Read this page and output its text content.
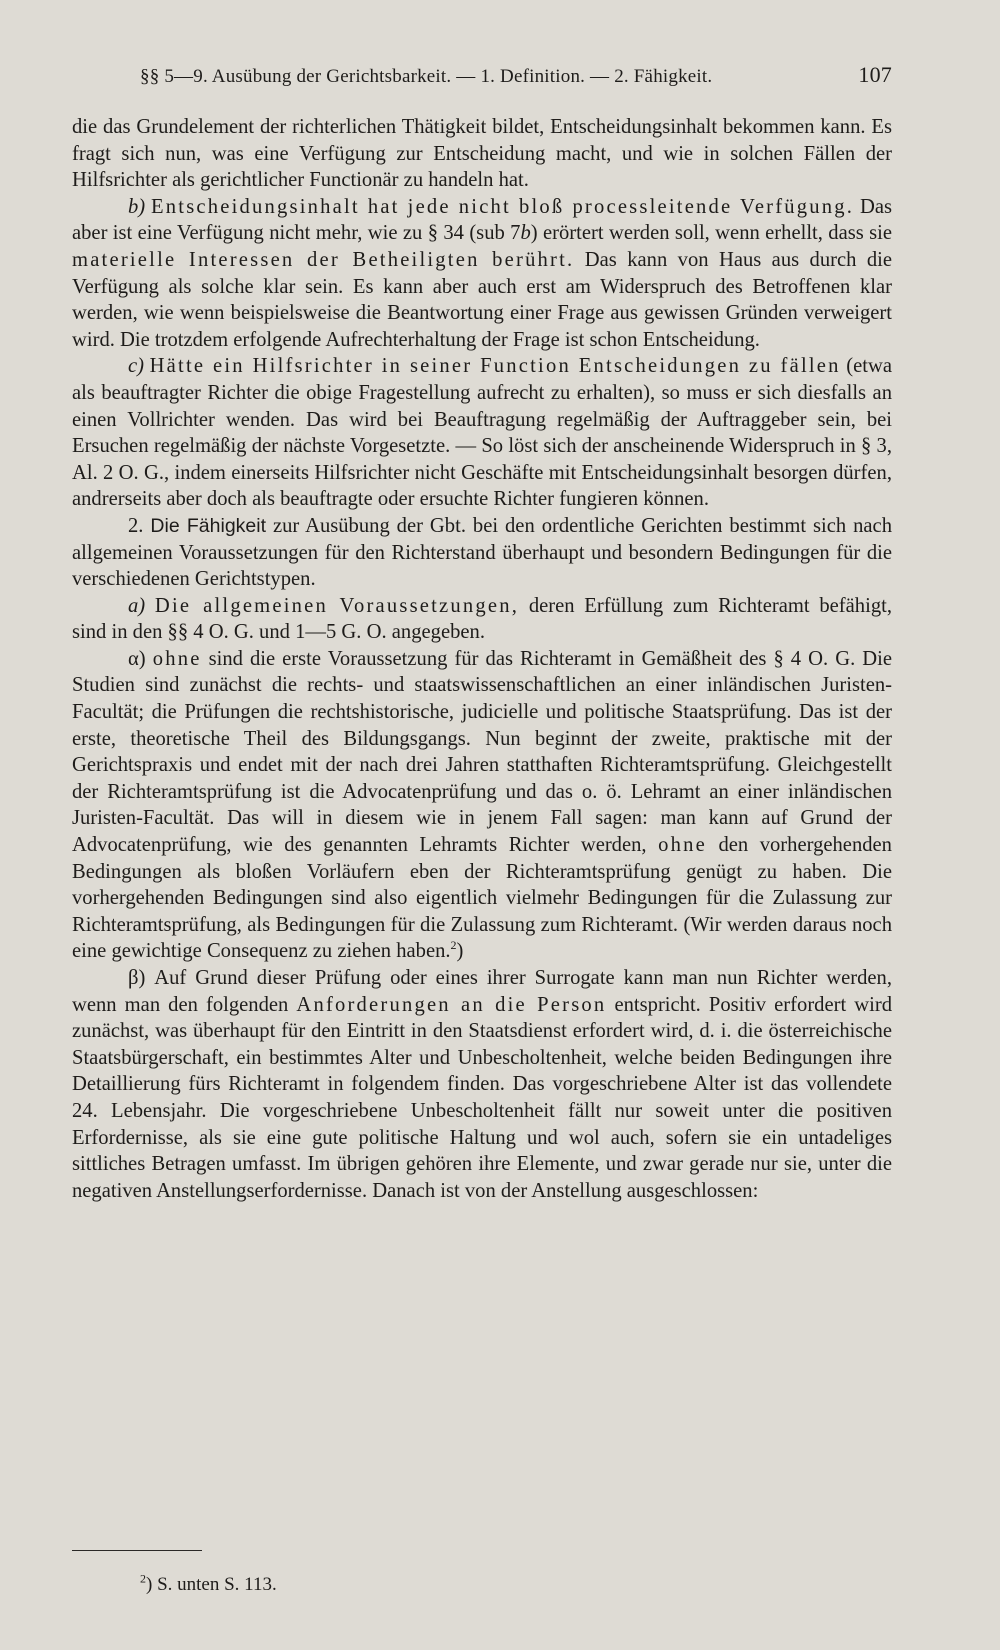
§§ 5—9. Ausübung der Gerichtsbarkeit. — 1. Definition. — 2. Fähigkeit.	107

die das Grundelement der richterlichen Thätigkeit bildet, Entscheidungsinhalt bekommen kann. Es fragt sich nun, was eine Verfügung zur Entscheidung macht, und wie in solchen Fällen der Hilfsrichter als gerichtlicher Functionär zu handeln hat.

b) Entscheidungsinhalt hat jede nicht bloß processleitende Verfügung. Das aber ist eine Verfügung nicht mehr, wie zu § 34 (sub 7b) erörtert werden soll, wenn erhellt, dass sie materielle Interessen der Betheiligten berührt. Das kann von Haus aus durch die Verfügung als solche klar sein. Es kann aber auch erst am Widerspruch des Betroffenen klar werden, wie wenn beispielsweise die Beantwortung einer Frage aus gewissen Gründen verweigert wird. Die trotzdem erfolgende Aufrechterhaltung der Frage ist schon Entscheidung.

c) Hätte ein Hilfsrichter in seiner Function Entscheidungen zu fällen (etwa als beauftragter Richter die obige Fragestellung aufrecht zu erhalten), so muss er sich diesfalls an einen Vollrichter wenden. Das wird bei Beauftragung regelmäßig der Auftraggeber sein, bei Ersuchen regelmäßig der nächste Vorgesetzte. — So löst sich der anscheinende Widerspruch in § 3, Al. 2 O. G., indem einerseits Hilfsrichter nicht Geschäfte mit Entscheidungsinhalt besorgen dürfen, andrerseits aber doch als beauftragte oder ersuchte Richter fungieren können.

2. Die Fähigkeit zur Ausübung der Gbt. bei den ordentliche Gerichten bestimmt sich nach allgemeinen Voraussetzungen für den Richterstand überhaupt und besondern Bedingungen für die verschiedenen Gerichtstypen.

a) Die allgemeinen Voraussetzungen, deren Erfüllung zum Richteramt befähigt, sind in den §§ 4 O. G. und 1—5 G. O. angegeben.

α) ohne sind die erste Voraussetzung für das Richteramt in Gemäßheit des § 4 O. G. Die Studien sind zunächst die rechts- und staatswissenschaftlichen an einer inländischen Juristen-Facultät; die Prüfungen die rechtshistorische, judicielle und politische Staatsprüfung. Das ist der erste, theoretische Theil des Bildungsgangs. Nun beginnt der zweite, praktische mit der Gerichtspraxis und endet mit der nach drei Jahren statthaften Richteramtsprüfung. Gleichgestellt der Richteramtsprüfung ist die Advocatenprüfung und das o. ö. Lehramt an einer inländischen Juristen-Facultät. Das will in diesem wie in jenem Fall sagen: man kann auf Grund der Advocatenprüfung, wie des genannten Lehramts Richter werden, ohne den vorhergehenden Bedingungen als bloßen Vorläufern eben der Richteramtsprüfung genügt zu haben. Die vorhergehenden Bedingungen sind also eigentlich vielmehr Bedingungen für die Zulassung zur Richteramtsprüfung, als Bedingungen für die Zulassung zum Richteramt. (Wir werden daraus noch eine gewichtige Consequenz zu ziehen haben.$^2$)

β) Auf Grund dieser Prüfung oder eines ihrer Surrogate kann man nun Richter werden, wenn man den folgenden Anforderungen an die Person entspricht. Positiv erfordert wird zunächst, was überhaupt für den Eintritt in den Staatsdienst erfordert wird, d. i. die österreichische Staatsbürgerschaft, ein bestimmtes Alter und Unbescholtenheit, welche beiden Bedingungen ihre Detaillierung fürs Richteramt in folgendem finden. Das vorgeschriebene Alter ist das vollendete 24. Lebensjahr. Die vorgeschriebene Unbescholtenheit fällt nur soweit unter die positiven Erfordernisse, als sie eine gute politische Haltung und wol auch, sofern sie ein untadeliges sittliches Betragen umfasst. Im übrigen gehören ihre Elemente, und zwar gerade nur sie, unter die negativen Anstellungserfordernisse. Danach ist von der Anstellung ausgeschlossen:

$^2$) S. unten S. 113.
